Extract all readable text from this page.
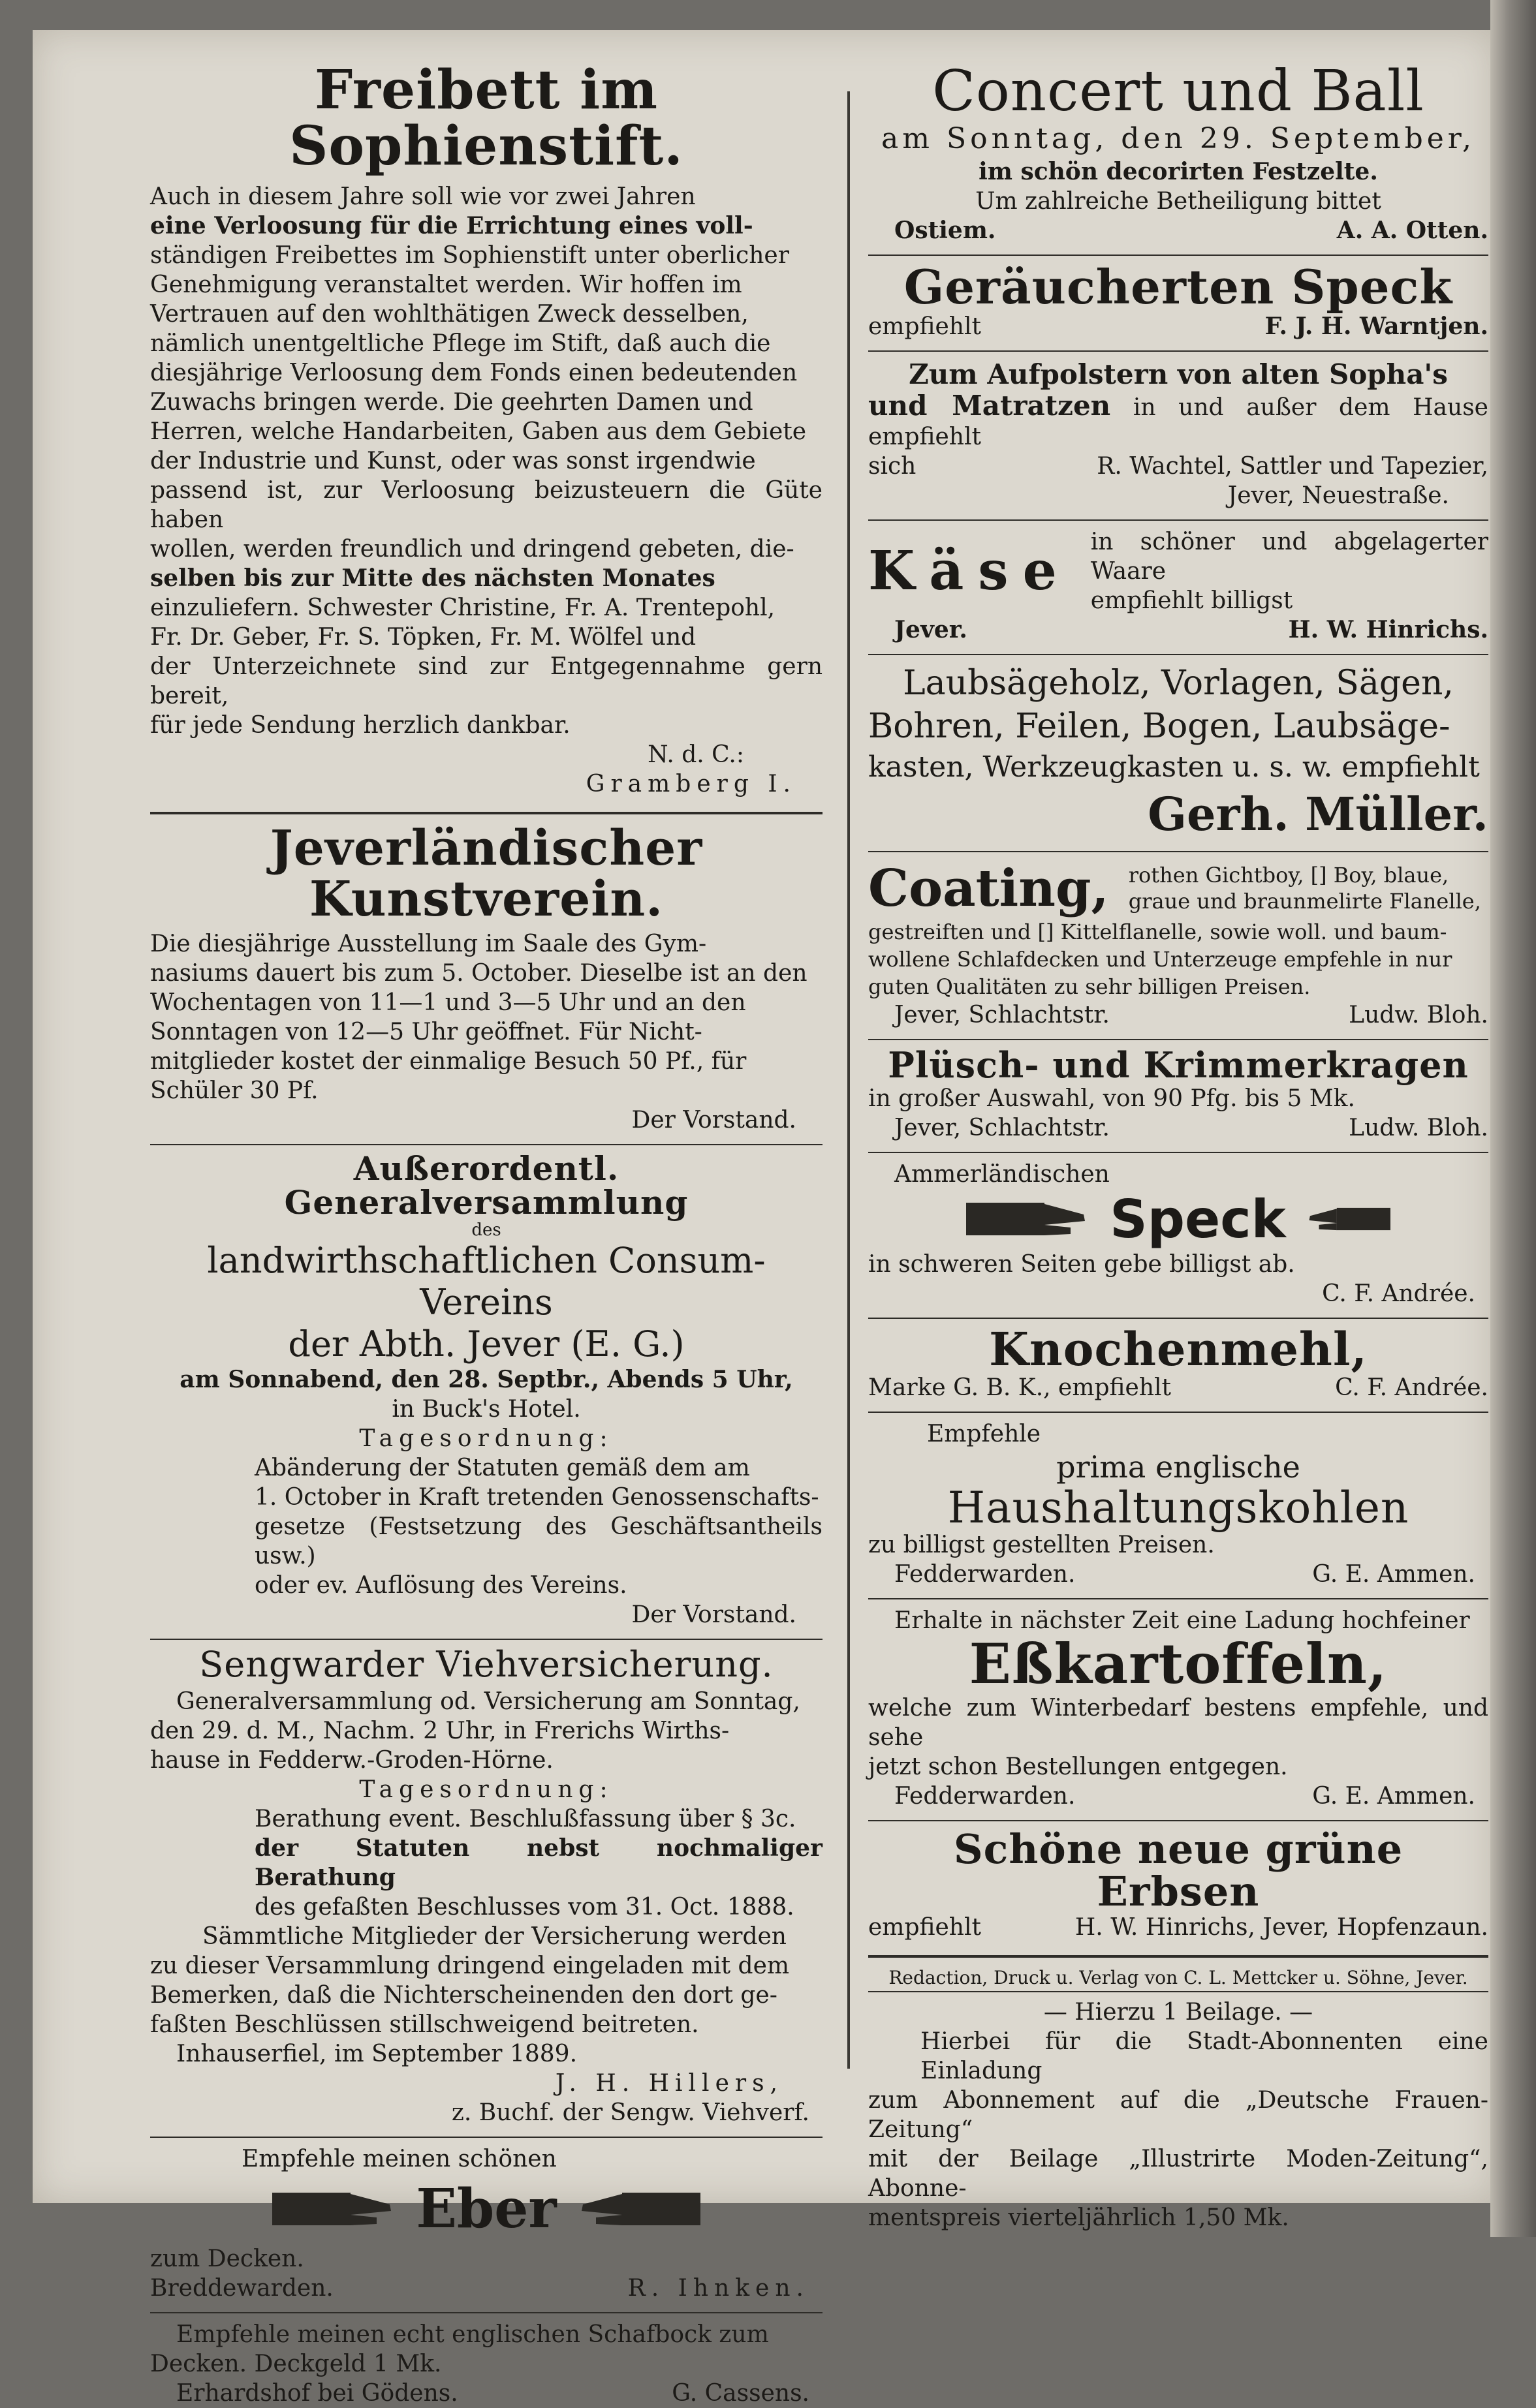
Freibett im Sophienstift.

Auch in diesem Jahre soll wie vor zwei Jahren

eine Verloosung für die Errichtung eines voll-

ständigen Freibettes im Sophienstift unter oberlicher

Genehmigung veranstaltet werden. Wir hoffen im

Vertrauen auf den wohlthätigen Zweck desselben,

nämlich unentgeltliche Pflege im Stift, daß auch die

diesjährige Verloosung dem Fonds einen bedeutenden

Zuwachs bringen werde. Die geehrten Damen und

Herren, welche Handarbeiten, Gaben aus dem Gebiete

der Industrie und Kunst, oder was sonst irgendwie

passend ist, zur Verloosung beizusteuern die Güte haben

wollen, werden freundlich und dringend gebeten, die-

selben bis zur Mitte des nächsten Monates

einzuliefern. Schwester Christine, Fr. A. Trentepohl,

Fr. Dr. Geber, Fr. S. Töpken, Fr. M. Wölfel und

der Unterzeichnete sind zur Entgegennahme gern bereit,

für jede Sendung herzlich dankbar.

N. d. C.:

Gramberg I.

Jeverländischer Kunstverein.

Die diesjährige Ausstellung im Saale des Gym-

nasiums dauert bis zum 5. October. Dieselbe ist an den

Wochentagen von 11—1 und 3—5 Uhr und an den

Sonntagen von 12—5 Uhr geöffnet. Für Nicht-

mitglieder kostet der einmalige Besuch 50 Pf., für

Schüler 30 Pf.

Der Vorstand.

Außerordentl. Generalversammlung

des

landwirthschaftlichen Consum-Vereins
der Abth. Jever (E. G.)

am Sonnabend, den 28. Septbr., Abends 5 Uhr,

in Buck's Hotel.

Tagesordnung:

Abänderung der Statuten gemäß dem am

1. October in Kraft tretenden Genossenschafts-

gesetze (Festsetzung des Geschäftsantheils usw.)

oder ev. Auflösung des Vereins.

Der Vorstand.

Sengwarder Viehversicherung.

Generalversammlung od. Versicherung am Sonntag,

den 29. d. M., Nachm. 2 Uhr, in Frerichs Wirths-

hause in Fedderw.-Groden-Hörne.

Tagesordnung:

Berathung event. Beschlußfassung über § 3c.

der Statuten nebst nochmaliger Berathung

des gefaßten Beschlusses vom 31. Oct. 1888.

Sämmtliche Mitglieder der Versicherung werden

zu dieser Versammlung dringend eingeladen mit dem

Bemerken, daß die Nichterscheinenden den dort ge-

faßten Beschlüssen stillschweigend beitreten.

Inhauserfiel, im September 1889.

J. H. Hillers,

z. Buchf. der Sengw. Viehverf.

Empfehle meinen schönen

Eber

zum Decken.

Breddewarden.	R. Ihnken.

Empfehle meinen echt englischen Schafbock zum

Decken. Deckgeld 1 Mk.

Erhardshof bei Gödens.	G. Cassens.
Concert und Ball

am Sonntag, den 29. September,

im schön decorirten Festzelte.

Um zahlreiche Betheiligung bittet

Ostiem.	A. A. Otten.
Geräucherten Speck
empfiehlt	F. J. H. Warntjen.

Zum Aufpolstern von alten Sopha's

und Matratzen in und außer dem Hause empfiehlt

sich	R. Wachtel, Sattler und Tapezier,

Jever, Neuestraße.

Käse in schöner und abgelagerter Waare

empfiehlt billigst

Jever.	H. W. Hinrichs.

Laubsägeholz, Vorlagen, Sägen,

Bohren, Feilen, Bogen, Laubsäge-

kasten, Werkzeugkasten u. s. w. empfiehlt

Gerh. Müller.

Coating, rothen Gichtboy, [] Boy, blaue,

graue und braunmelirte Flanelle,

gestreiften und [] Kittelflanelle, sowie woll. und baum-

wollene Schlafdecken und Unterzeuge empfehle in nur

guten Qualitäten zu sehr billigen Preisen.

Jever, Schlachtstr.	Ludw. Bloh.
Plüsch- und Krimmerkragen

in großer Auswahl, von 90 Pfg. bis 5 Mk.

Jever, Schlachtstr.	Ludw. Bloh.

Ammerländischen

Speck

in schweren Seiten gebe billigst ab.

C. F. Andrée.

Knochenmehl,
Marke G. B. K., empfiehlt	C. F. Andrée.

Empfehle

prima englische

Haushaltungskohlen

zu billigst gestellten Preisen.

Fedderwarden.	G. E. Ammen.

Erhalte in nächster Zeit eine Ladung hochfeiner

Eßkartoffeln,

welche zum Winterbedarf bestens empfehle, und sehe

jetzt schon Bestellungen entgegen.

Fedderwarden.	G. E. Ammen.
Schöne neue grüne Erbsen
empfiehlt	H. W. Hinrichs, Jever, Hopfenzaun.

Redaction, Druck u. Verlag von C. L. Mettcker u. Söhne, Jever.

— Hierzu 1 Beilage. —

Hierbei für die Stadt-Abonnenten eine Einladung

zum Abonnement auf die „Deutsche Frauen-Zeitung“

mit der Beilage „Illustrirte Moden-Zeitung“, Abonne-

mentspreis vierteljährlich 1,50 Mk.
